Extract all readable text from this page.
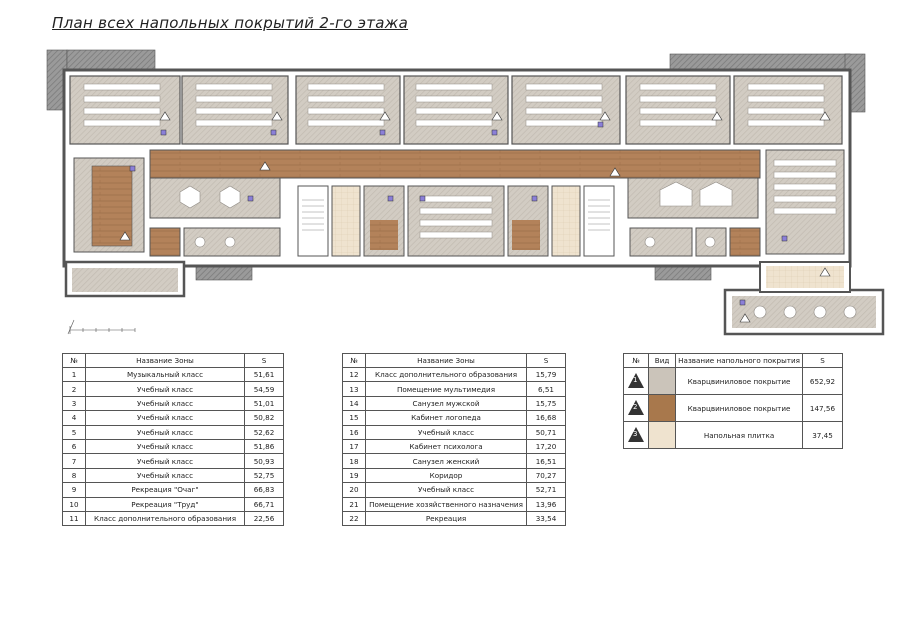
План всех напольных покрытий 2-го этажа
№	Название Зоны	S
1	Музыкальный класс	51,61
2	Учебный класс	54,59
3	Учебный класс	51,01
4	Учебный класс	50,82
5	Учебный класс	52,62
6	Учебный класс	51,86
7	Учебный класс	50,93
8	Учебный класс	52,75
9	Рекреация "Очаг"	66,83
10	Рекреация "Труд"	66,71
11	Класс дополнительного образования	22,56
№	Название Зоны	S
12	Класс дополнительного образования	15,79
13	Помещение мультимедия	6,51
14	Санузел мужской	15,75
15	Кабинет логопеда	16,68
16	Учебный класс	50,71
17	Кабинет психолога	17,20
18	Санузел женский	16,51
19	Коридор	70,27
20	Учебный класс	52,71
21	Помещение хозяйственного назначения	13,96
22	Рекреация	33,54
№	Вид	Название напольного покрытия	S

1		Кварцвиниловое покрытие	652,92

2		Кварцвиниловое покрытие	147,56

3		Напольная плитка	37,45
